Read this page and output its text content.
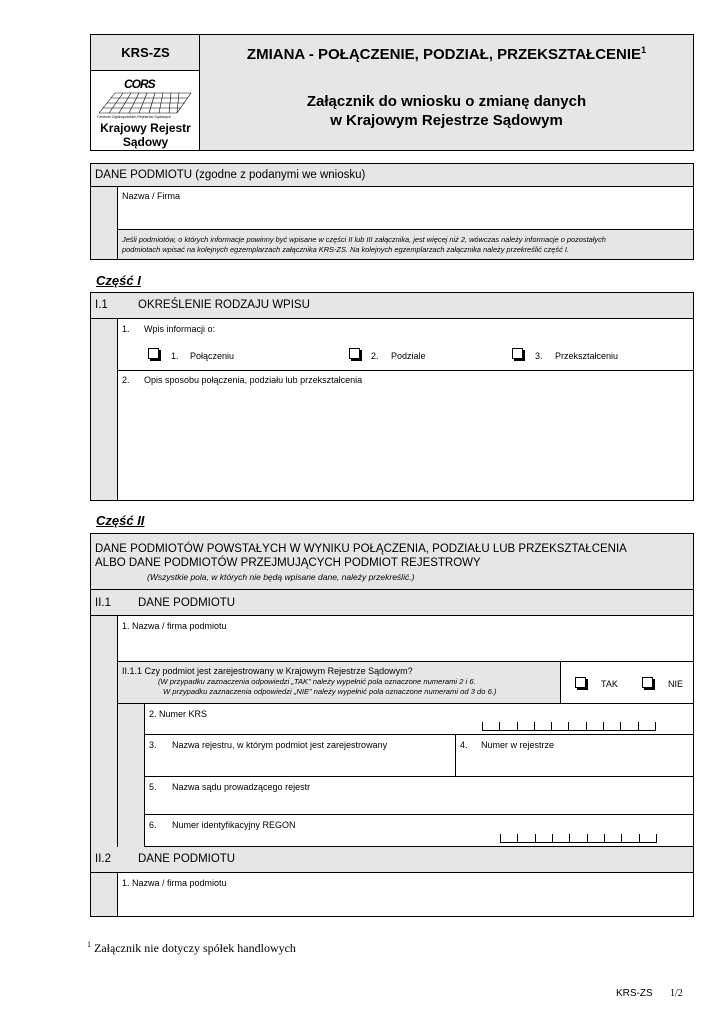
KRS-ZS
CORS
Centrum Ogólnopolskich Rejestrów Sądowych
Krajowy Rejestr
Sądowy
ZMIANA - POŁĄCZENIE, PODZIAŁ, PRZEKSZTAŁCENIE$^1$
Załącznik do wniosku o zmianę danych
w Krajowym Rejestrze Sądowym
DANE PODMIOTU (zgodne z podanymi we wniosku)
Nazwa / Firma
Jeśli podmiotów, o których informacje powinny być wpisane w części II lub III załącznika, jest więcej niż 2, wówczas należy informacje o pozostałych
podmiotach wpisać na kolejnych egzemplarzach załącznika KRS-ZS. Na kolejnych egzemplarzach załącznika należy przekreślić część I.
Część I
I.1	OKREŚLENIE RODZAJU WPISU
1. Wpis informacji o:
1. Połączeniu	2. Podziale	3. Przekształceniu
2. Opis sposobu połączenia, podziału lub przekształcenia
Część II
DANE PODMIOTÓW POWSTAŁYCH W WYNIKU POŁĄCZENIA, PODZIAŁU LUB PRZEKSZTAŁCENIA
ALBO DANE PODMIOTÓW PRZEJMUJĄCYCH PODMIOT REJESTROWY
(Wszystkie pola, w których nie będą wpisane dane, należy przekreślić.)
II.1 DANE PODMIOTU
1. Nazwa / firma podmiotu
II.1.1 Czy podmiot jest zarejestrowany w Krajowym Rejestrze Sądowym?
(W przypadku zaznaczenia odpowiedzi „TAK” należy wypełnić pola oznaczone numerami 2 i 6.
W przypadku zaznaczenia odpowiedzi „NIE” należy wypełnić pola oznaczone numerami od 3 do 6.)
TAK	NIE
2. Numer KRS
3. Nazwa rejestru, w którym podmiot jest zarejestrowany	4. Numer w rejestrze
5. Nazwa sądu prowadzącego rejestr
6. Numer identyfikacyjny REGON
II.2 DANE PODMIOTU
1. Nazwa / firma podmiotu
$^1$ Załącznik nie dotyczy spółek handlowych
KRS-ZS 1/2
